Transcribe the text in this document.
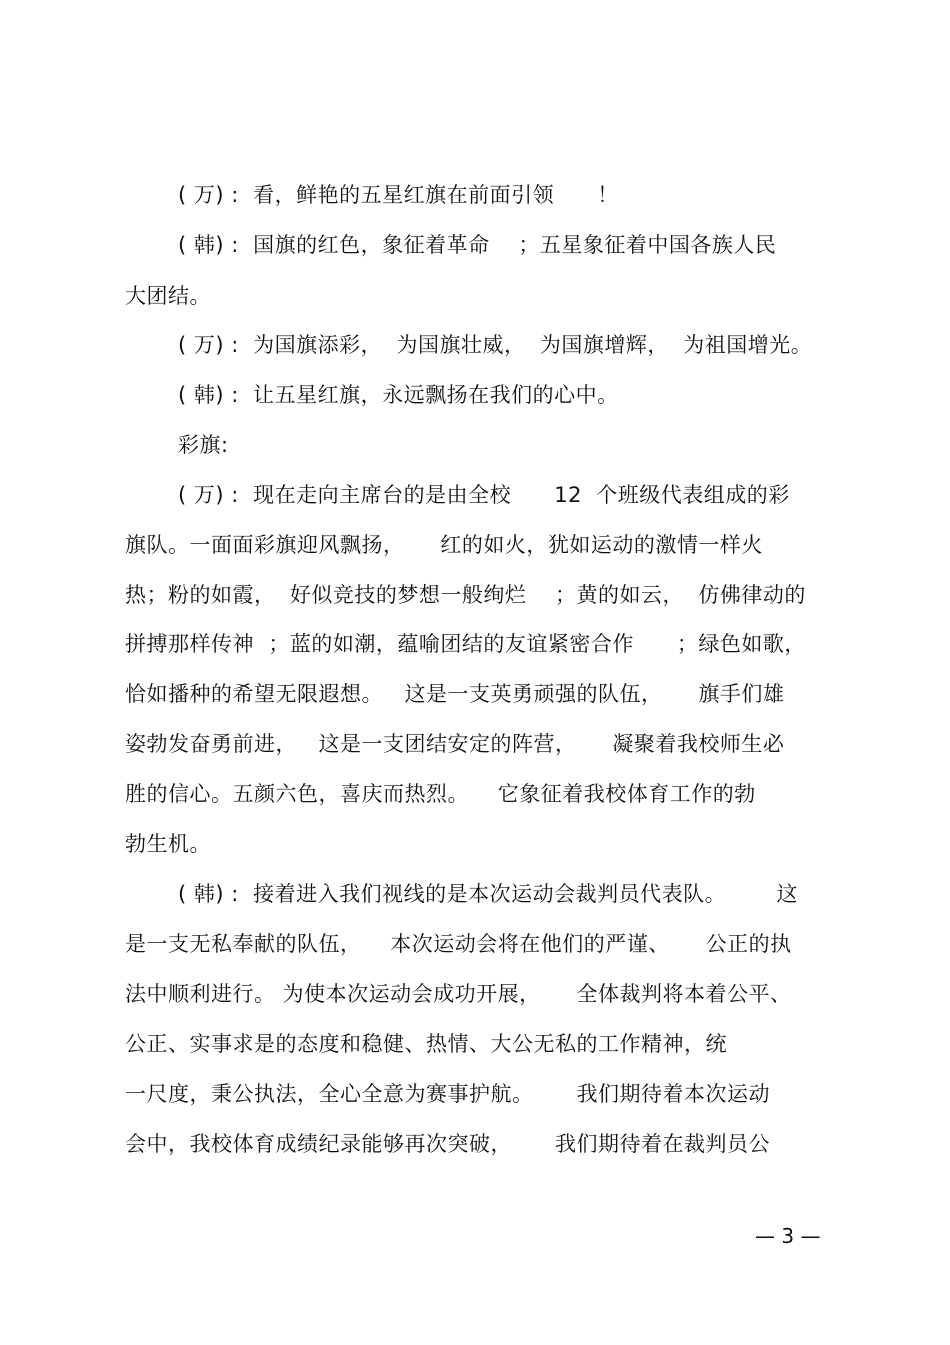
( 万) :  看，鲜艳的五星红旗在前面引领      ！
( 韩) :  国旗的红色，象征着革命    ；五星象征着中国各族人民
大团结。
( 万) :  为国旗添彩，  为国旗壮威，  为国旗增辉，  为祖国增光。
( 韩) :  让五星红旗，永远飘扬在我们的心中。
彩旗:
( 万) :  现在走向主席台的是由全校      12  个班级代表组成的彩
旗队。一面面彩旗迎风飘扬，     红的如火，犹如运动的激情一样火
热；粉的如霞，  好似竞技的梦想一般绚烂    ；黄的如云，  仿佛律动的
拼搏那样传神  ；蓝的如潮，蕴喻团结的友谊紧密合作      ；绿色如歌，
恰如播种的希望无限遐想。   这是一支英勇顽强的队伍，     旗手们雄
姿勃发奋勇前进，   这是一支团结安定的阵营，     凝聚着我校师生必
胜的信心。五颜六色，喜庆而热烈。    它象征着我校体育工作的勃
勃生机。
( 韩) :  接着进入我们视线的是本次运动会裁判员代表队。       这
是一支无私奉献的队伍，    本次运动会将在他们的严谨、     公正的执
法中顺利进行。 为使本次运动会成功开展，     全体裁判将本着公平、
公正、实事求是的态度和稳健、热情、大公无私的工作精神，统
一尺度，秉公执法，全心全意为赛事护航。      我们期待着本次运动
会中，我校体育成绩纪录能够再次突破，      我们期待着在裁判员公
— 3 —
